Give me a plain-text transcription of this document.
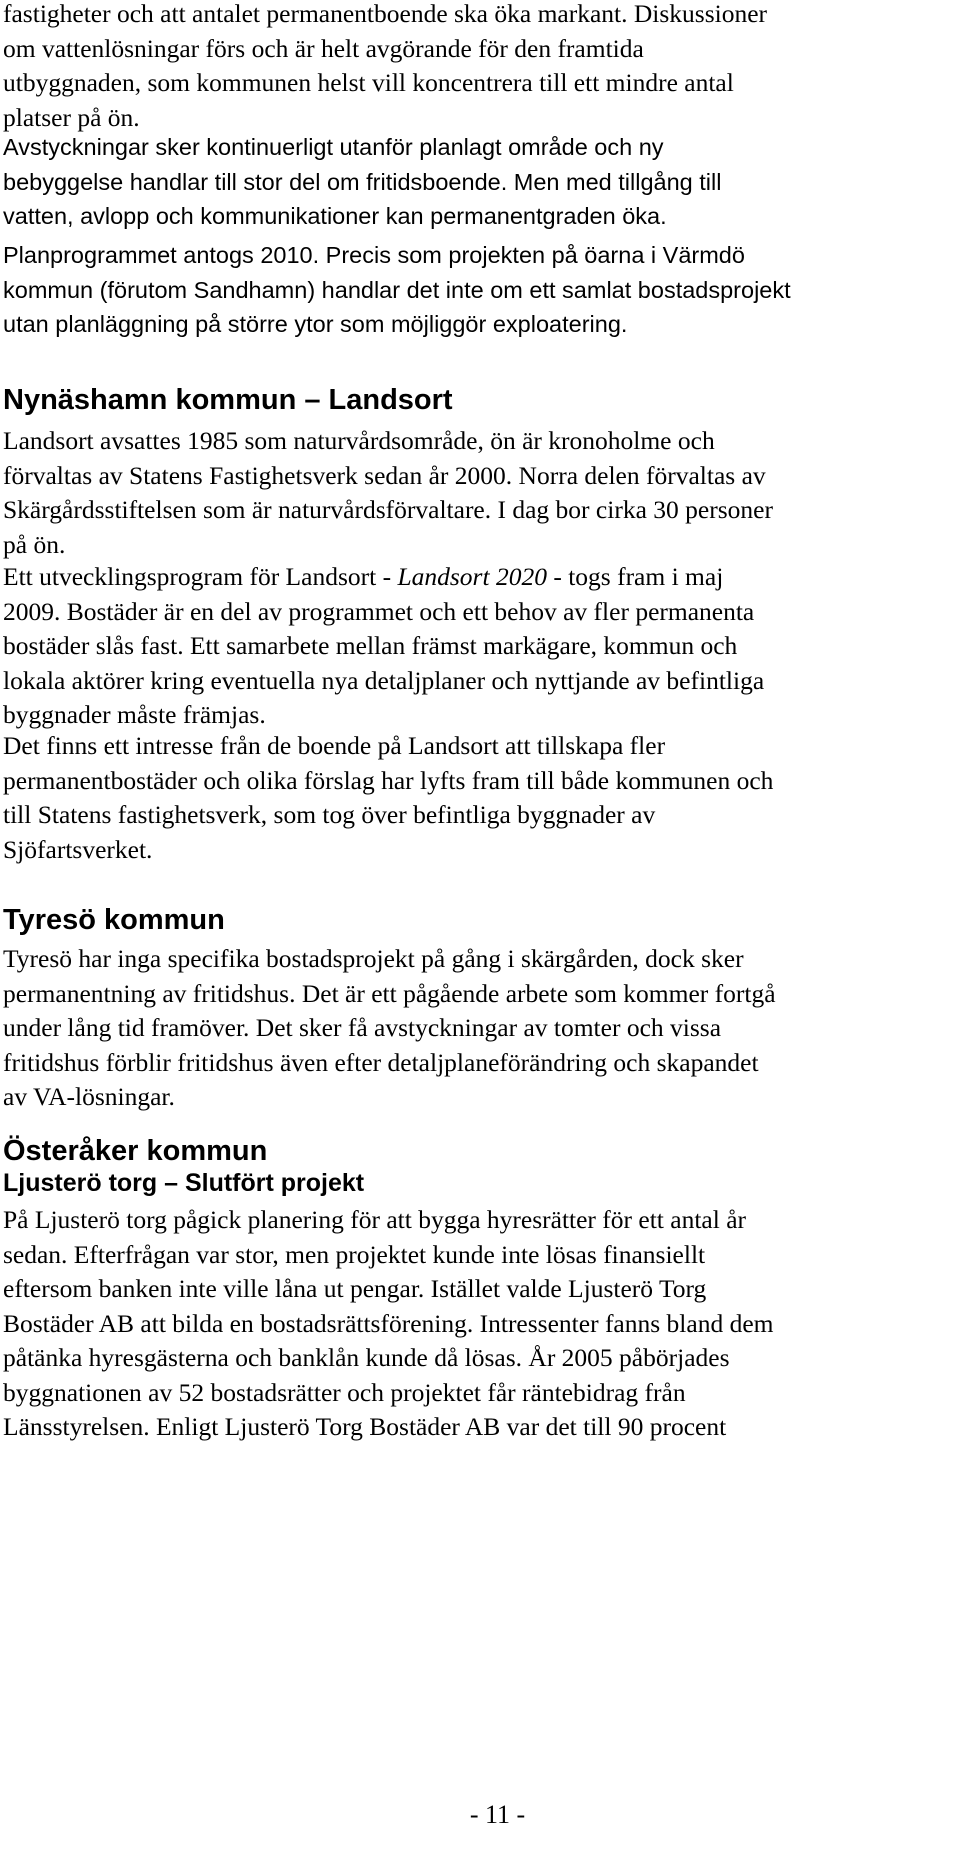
fastigheter och att antalet permanentboende ska öka markant. Diskussioner
om vattenlösningar förs och är helt avgörande för den framtida
utbyggnaden, som kommunen helst vill koncentrera till ett mindre antal
platser på ön.

Avstyckningar sker kontinuerligt utanför planlagt område och ny
bebyggelse handlar till stor del om fritidsboende. Men med tillgång till
vatten, avlopp och kommunikationer kan permanentgraden öka.

Planprogrammet antogs 2010. Precis som projekten på öarna i Värmdö
kommun (förutom Sandhamn) handlar det inte om ett samlat bostadsprojekt
utan planläggning på större ytor som möjliggör exploatering.

Nynäshamn kommun – Landsort

Landsort avsattes 1985 som naturvårdsområde, ön är kronoholme och
förvaltas av Statens Fastighetsverk sedan år 2000. Norra delen förvaltas av
Skärgårdsstiftelsen som är naturvårdsförvaltare. I dag bor cirka 30 personer
på ön.

Ett utvecklingsprogram för Landsort - Landsort 2020 - togs fram i maj
2009. Bostäder är en del av programmet och ett behov av fler permanenta
bostäder slås fast. Ett samarbete mellan främst markägare, kommun och
lokala aktörer kring eventuella nya detaljplaner och nyttjande av befintliga
byggnader måste främjas.

Det finns ett intresse från de boende på Landsort att tillskapa fler
permanentbostäder och olika förslag har lyfts fram till både kommunen och
till Statens fastighetsverk, som tog över befintliga byggnader av
Sjöfartsverket.

Tyresö kommun

Tyresö har inga specifika bostadsprojekt på gång i skärgården, dock sker
permanentning av fritidshus. Det är ett pågående arbete som kommer fortgå
under lång tid framöver. Det sker få avstyckningar av tomter och vissa
fritidshus förblir fritidshus även efter detaljplaneförändring och skapandet
av VA-lösningar.

Österåker kommun
Ljusterö torg – Slutfört projekt

På Ljusterö torg pågick planering för att bygga hyresrätter för ett antal år
sedan. Efterfrågan var stor, men projektet kunde inte lösas finansiellt
eftersom banken inte ville låna ut pengar. Istället valde Ljusterö Torg
Bostäder AB att bilda en bostadsrättsförening. Intressenter fanns bland dem
påtänka hyresgästerna och banklån kunde då lösas. År 2005 påbörjades
byggnationen av 52 bostadsrätter och projektet får räntebidrag från
Länsstyrelsen. Enligt Ljusterö Torg Bostäder AB var det till 90 procent

- 11 -
